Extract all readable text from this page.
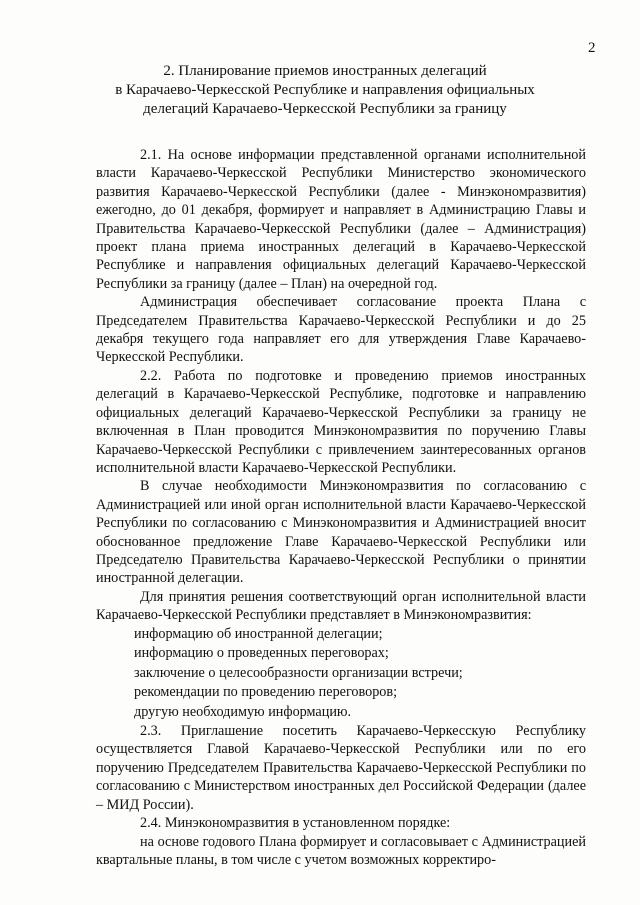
2
2. Планирование приемов иностранных делегаций
в Карачаево-Черкесской Республике и направления официальных
делегаций Карачаево-Черкесской Республики за границу

2.1. На основе информации представленной органами исполнительной власти Карачаево-Черкесской Республики Министерство экономического развития Карачаево-Черкесской Республики (далее - Минэкономразвития) ежегодно, до 01 декабря, формирует и направляет в Администрацию Главы и Правительства Карачаево-Черкесской Республики (далее – Администрация) проект плана приема иностранных делегаций в Карачаево-Черкесской Республике и направления официальных делегаций Карачаево-Черкесской Республики за границу (далее – План) на очередной год.

Администрация обеспечивает согласование проекта Плана с Председателем Правительства Карачаево-Черкесской Республики и до 25 декабря текущего года направляет его для утверждения Главе Карачаево-Черкесской Республики.

2.2. Работа по подготовке и проведению приемов иностранных делегаций в Карачаево-Черкесской Республике, подготовке и направлению официальных делегаций Карачаево-Черкесской Республики за границу не включенная в План проводится Минэкономразвития по поручению Главы Карачаево-Черкесской Республики с привлечением заинтересованных органов исполнительной власти Карачаево-Черкесской Республики.

В случае необходимости Минэкономразвития по согласованию с Администрацией или иной орган исполнительной власти Карачаево-Черкесской Республики по согласованию с Минэкономразвития и Администрацией вносит обоснованное предложение Главе Карачаево-Черкесской Республики или Председателю Правительства Карачаево-Черкесской Республики о принятии иностранной делегации.

Для принятия решения соответствующий орган исполнительной власти Карачаево-Черкесской Республики представляет в Минэкономразвития:

информацию об иностранной делегации;

информацию о проведенных переговорах;

заключение о целесообразности организации встречи;

рекомендации по проведению переговоров;

другую необходимую информацию.

2.3. Приглашение посетить Карачаево-Черкесскую Республику осуществляется Главой Карачаево-Черкесской Республики или по его поручению Председателем Правительства Карачаево-Черкесской Республики по согласованию с Министерством иностранных дел Российской Федерации (далее – МИД России).

2.4. Минэкономразвития в установленном порядке:

на основе годового Плана формирует и согласовывает с Администрацией квартальные планы, в том числе с учетом возможных корректиро-
